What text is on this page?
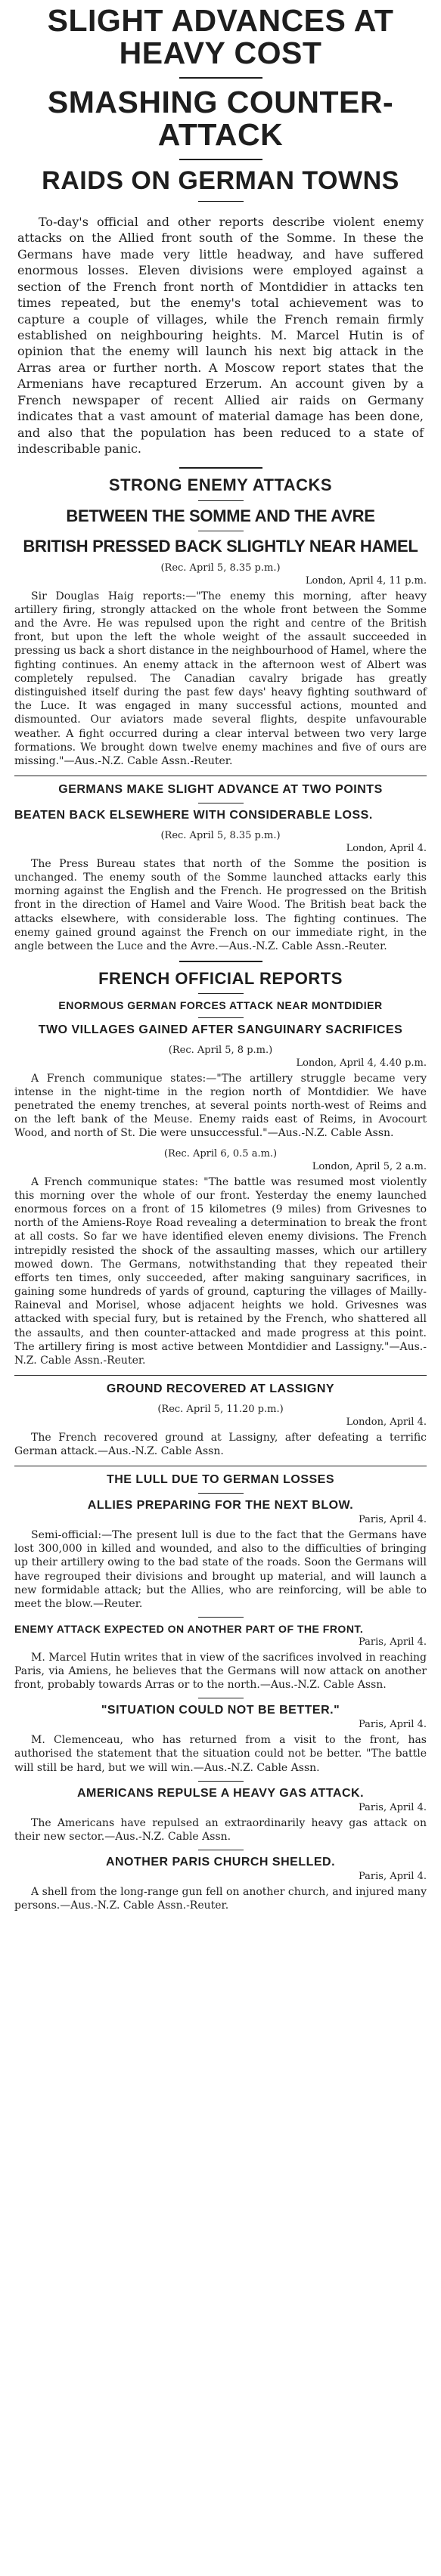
SLIGHT ADVANCES AT HEAVY COST
SMASHING COUNTER-ATTACK
RAIDS ON GERMAN TOWNS

To-day's official and other reports describe violent enemy attacks on the Allied front south of the Somme. In these the Germans have made very little headway, and have suffered enormous losses. Eleven divisions were employed against a section of the French front north of Montdidier in attacks ten times repeated, but the enemy's total achievement was to capture a couple of villages, while the French remain firmly established on neighbouring heights. M. Marcel Hutin is of opinion that the enemy will launch his next big attack in the Arras area or further north. A Moscow report states that the Armenians have recaptured Erzerum. An account given by a French newspaper of recent Allied air raids on Germany indicates that a vast amount of material damage has been done, and also that the population has been reduced to a state of indescribable panic.

STRONG ENEMY ATTACKS
BETWEEN THE SOMME AND THE AVRE
BRITISH PRESSED BACK SLIGHTLY NEAR HAMEL

(Rec. April 5, 8.35 p.m.)

London, April 4, 11 p.m.

Sir Douglas Haig reports:—"The enemy this morning, after heavy artillery firing, strongly attacked on the whole front between the Somme and the Avre. He was repulsed upon the right and centre of the British front, but upon the left the whole weight of the assault succeeded in pressing us back a short distance in the neighbourhood of Hamel, where the fighting continues. An enemy attack in the afternoon west of Albert was completely repulsed. The Canadian cavalry brigade has greatly distinguished itself during the past few days' heavy fighting southward of the Luce. It was engaged in many successful actions, mounted and dismounted. Our aviators made several flights, despite unfavourable weather. A fight occurred during a clear interval between two very large formations. We brought down twelve enemy machines and five of ours are missing."—Aus.-N.Z. Cable Assn.-Reuter.

GERMANS MAKE SLIGHT ADVANCE AT TWO POINTS
BEATEN BACK ELSEWHERE WITH CONSIDERABLE LOSS.

(Rec. April 5, 8.35 p.m.)

London, April 4.

The Press Bureau states that north of the Somme the position is unchanged. The enemy south of the Somme launched attacks early this morning against the English and the French. He progressed on the British front in the direction of Hamel and Vaire Wood. The British beat back the attacks elsewhere, with considerable loss. The fighting continues. The enemy gained ground against the French on our immediate right, in the angle between the Luce and the Avre.—Aus.-N.Z. Cable Assn.-Reuter.

FRENCH OFFICIAL REPORTS
ENORMOUS GERMAN FORCES ATTACK NEAR MONTDIDIER
TWO VILLAGES GAINED AFTER SANGUINARY SACRIFICES

(Rec. April 5, 8 p.m.)

London, April 4, 4.40 p.m.

A French communique states:—"The artillery struggle became very intense in the night-time in the region north of Montdidier. We have penetrated the enemy trenches, at several points north-west of Reims and on the left bank of the Meuse. Enemy raids east of Reims, in Avocourt Wood, and north of St. Die were unsuccessful."—Aus.-N.Z. Cable Assn.

(Rec. April 6, 0.5 a.m.)

London, April 5, 2 a.m.

A French communique states: "The battle was resumed most violently this morning over the whole of our front. Yesterday the enemy launched enormous forces on a front of 15 kilometres (9 miles) from Grivesnes to north of the Amiens-Roye Road revealing a determination to break the front at all costs. So far we have identified eleven enemy divisions. The French intrepidly resisted the shock of the assaulting masses, which our artillery mowed down. The Germans, notwithstanding that they repeated their efforts ten times, only succeeded, after making sanguinary sacrifices, in gaining some hundreds of yards of ground, capturing the villages of Mailly-Raineval and Morisel, whose adjacent heights we hold. Grivesnes was attacked with special fury, but is retained by the French, who shattered all the assaults, and then counter-attacked and made progress at this point. The artillery firing is most active between Montdidier and Lassigny."—Aus.-N.Z. Cable Assn.-Reuter.

GROUND RECOVERED AT LASSIGNY

(Rec. April 5, 11.20 p.m.)

London, April 4.

The French recovered ground at Lassigny, after defeating a terrific German attack.—Aus.-N.Z. Cable Assn.

THE LULL DUE TO GERMAN LOSSES
ALLIES PREPARING FOR THE NEXT BLOW.

Paris, April 4.

Semi-official:—The present lull is due to the fact that the Germans have lost 300,000 in killed and wounded, and also to the difficulties of bringing up their artillery owing to the bad state of the roads. Soon the Germans will have regrouped their divisions and brought up material, and will launch a new formidable attack; but the Allies, who are reinforcing, will be able to meet the blow.—Reuter.

ENEMY ATTACK EXPECTED ON ANOTHER PART OF THE FRONT.

Paris, April 4.

M. Marcel Hutin writes that in view of the sacrifices involved in reaching Paris, via Amiens, he believes that the Germans will now attack on another front, probably towards Arras or to the north.—Aus.-N.Z. Cable Assn.

"SITUATION COULD NOT BE BETTER."

Paris, April 4.

M. Clemenceau, who has returned from a visit to the front, has authorised the statement that the situation could not be better. "The battle will still be hard, but we will win.—Aus.-N.Z. Cable Assn.

AMERICANS REPULSE A HEAVY GAS ATTACK.

Paris, April 4.

The Americans have repulsed an extraordinarily heavy gas attack on their new sector.—Aus.-N.Z. Cable Assn.

ANOTHER PARIS CHURCH SHELLED.

Paris, April 4.

A shell from the long-range gun fell on another church, and injured many persons.—Aus.-N.Z. Cable Assn.-Reuter.
